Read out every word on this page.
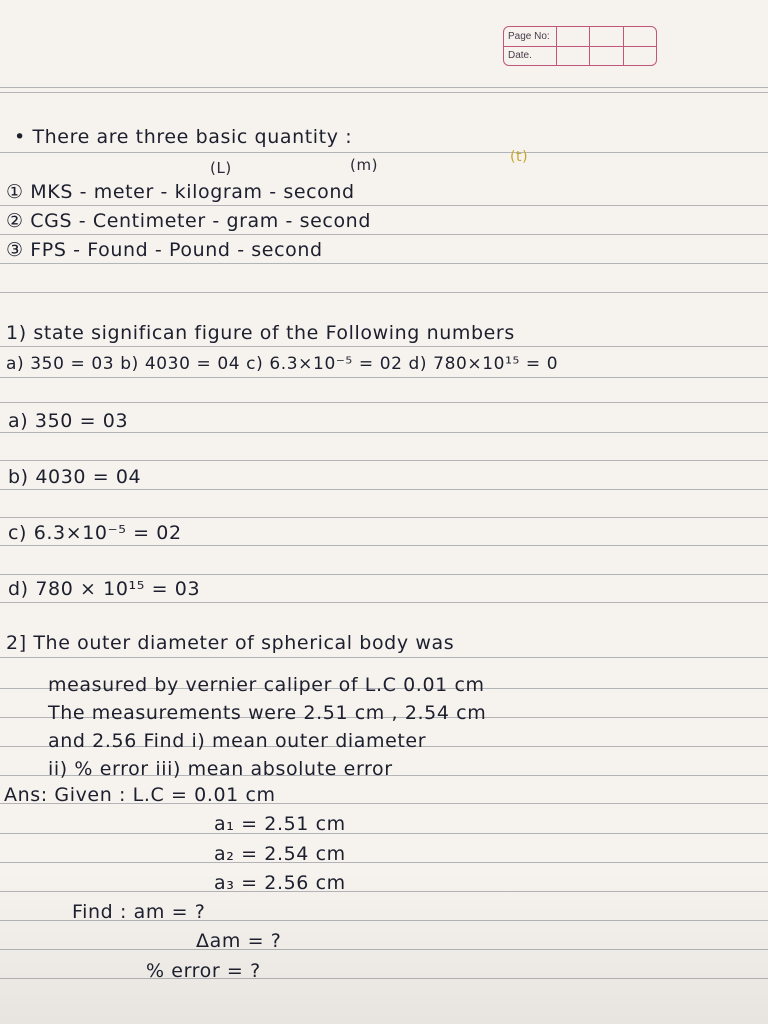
Page No:
Date.
• There are three basic quantity :
(L)	(m)	(t)
① MKS - meter - kilogram - second
② CGS - Centimeter - gram - second
③ FPS - Found - Pound - second
1) state significan figure of the Following numbers
a) 350 = 03 b) 4030 = 04 c) 6.3×10⁻⁵ = 02 d) 780×10¹⁵ = 0
a) 350 = 03
b) 4030 = 04
c) 6.3×10⁻⁵ = 02
d) 780 × 10¹⁵ = 03
2] The outer diameter of spherical body was
measured by vernier caliper of L.C 0.01 cm
The measurements were 2.51 cm , 2.54 cm
and 2.56 Find i) mean outer diameter
ii) % error iii) mean absolute error
Ans: Given : L.C = 0.01 cm
a₁ = 2.51 cm
a₂ = 2.54 cm
a₃ = 2.56 cm
Find : am = ?
Δam = ?
% error = ?
